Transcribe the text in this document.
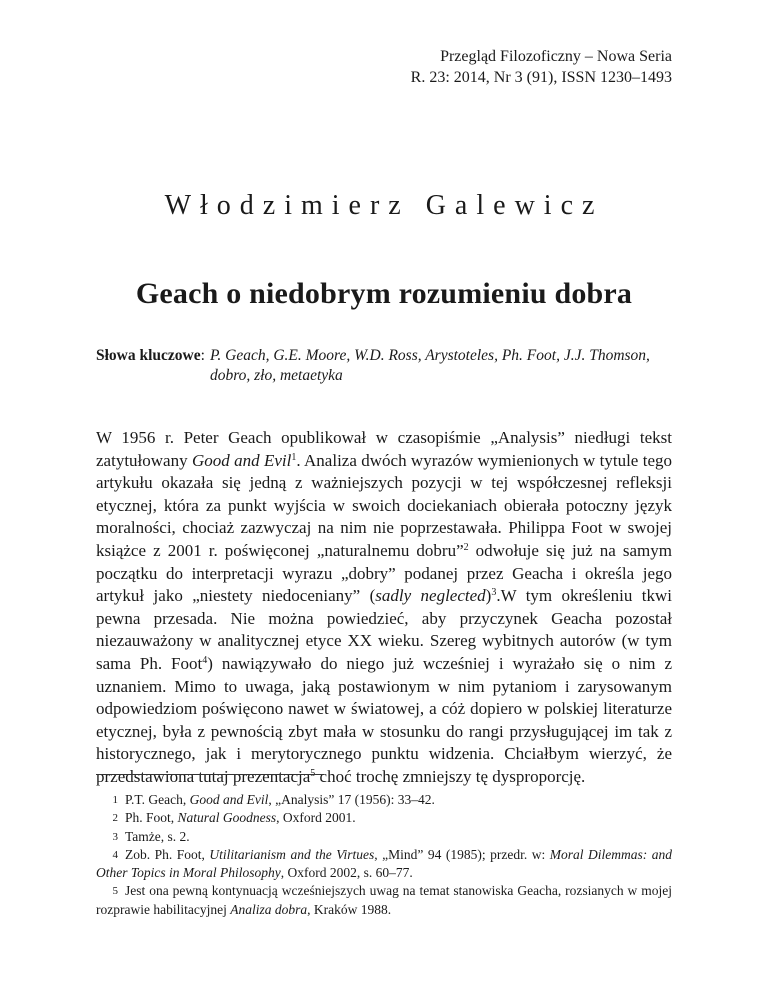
Przegląd Filozoficzny – Nowa Seria
R. 23: 2014, Nr 3 (91), ISSN 1230–1493
Włodzimierz Galewicz
Geach o niedobrym rozumieniu dobra
Słowa kluczowe : P. Geach, G.E. Moore, W.D. Ross, Arystoteles, Ph. Foot, J.J. Thomson, dobro, zło, metaetyka

W 1956 r. Peter Geach opublikował w czasopiśmie „Analysis” niedługi tekst zatytułowany Good and Evil$^1$. Analiza dwóch wyrazów wymienionych w tytule tego artykułu okazała się jedną z ważniejszych pozycji w tej współczesnej refleksji etycznej, która za punkt wyjścia w swoich dociekaniach obierała potoczny język moralności, chociaż zazwyczaj na nim nie poprzestawała. Philippa Foot w swojej książce z 2001 r. poświęconej „naturalnemu dobru”$^2$ odwołuje się już na samym początku do interpretacji wyrazu „dobry” podanej przez Geacha i określa jego artykuł jako „niestety niedoceniany” (sadly neglected)$^3$.W tym określeniu tkwi pewna przesada. Nie można powiedzieć, aby przyczynek Geacha pozostał niezauważony w analitycznej etyce XX wieku. Szereg wybitnych autorów (w tym sama Ph. Foot$^4$) nawiązywało do niego już wcześniej i wyrażało się o nim z uznaniem. Mimo to uwaga, jaką postawionym w nim pytaniom i zarysowanym odpowiedziom poświęcono nawet w światowej, a cóż dopiero w polskiej literaturze etycznej, była z pewnością zbyt mała w stosunku do rangi przysługującej im tak z historycznego, jak i merytorycznego punktu widzenia. Chciałbym wierzyć, że przedstawiona tutaj prezentacja$^5$ choć trochę zmniejszy tę dysproporcję.

1 P.T. Geach, Good and Evil, „Analysis” 17 (1956): 33–42.
2 Ph. Foot, Natural Goodness, Oxford 2001.
3 Tamże, s. 2.
4 Zob. Ph. Foot, Utilitarianism and the Virtues, „Mind” 94 (1985); przedr. w: Moral Dilemmas: and Other Topics in Moral Philosophy, Oxford 2002, s. 60–77.
5 Jest ona pewną kontynuacją wcześniejszych uwag na temat stanowiska Geacha, rozsianych w mojej rozprawie habilitacyjnej Analiza dobra, Kraków 1988.
